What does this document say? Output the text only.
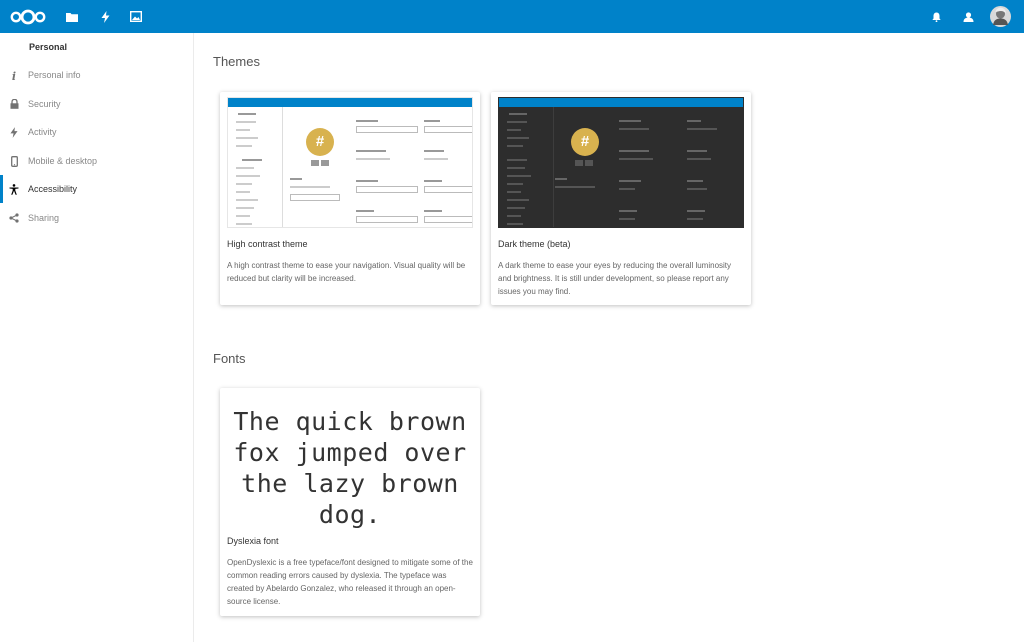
Personal
i Personal info
Security
Activity
Mobile & desktop
Accessibility
Sharing
Themes
#
High contrast theme
A high contrast theme to ease your navigation. Visual quality will be reduced but clarity will be increased.
#
Dark theme (beta)
A dark theme to ease your eyes by reducing the overall luminosity and brightness. It is still under development, so please report any issues you may find.
Fonts
The quick brown fox jumped over the lazy brown dog.
Dyslexia font
OpenDyslexic is a free typeface/font designed to mitigate some of the common reading errors caused by dyslexia. The typeface was created by Abelardo Gonzalez, who released it through an open-source license.
